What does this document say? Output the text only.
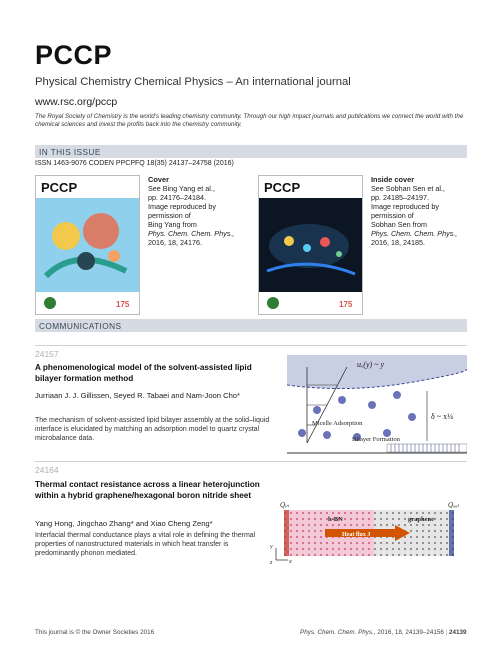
PCCP
Physical Chemistry Chemical Physics – An international journal
www.rsc.org/pccp
The Royal Society of Chemistry is the world’s leading chemistry community. Through our high impact journals and publications we connect the world with the chemical sciences and invest the profits back into the chemistry community.
IN THIS ISSUE
ISSN 1463-9076 CODEN PPCPFQ 18(35) 24137–24758 (2016)
PCCP
175
Cover
See Bing Yang et al.,
pp. 24176–24184.
Image reproduced by
permission of
Bing Yang from
Phys. Chem. Chem. Phys.,
2016, 18, 24176.
PCCP
175
Inside cover
See Sobhan Sen et al.,
pp. 24185–24197.
Image reproduced by
permission of
Sobhan Sen from
Phys. Chem. Chem. Phys.,
2016, 18, 24185.
COMMUNICATIONS
24157
A phenomenological model of the solvent-assisted lipid bilayer formation method
Jurriaan J. J. Gillissen, Seyed R. Tabaei and Nam-Joon Cho*
The mechanism of solvent-assisted lipid bilayer assembly at the solid–liquid interface is elucidated by matching an adsorption model to quartz crystal microbalance data.
uₓ(y) ~ y
δ ~ x¼
Micelle Adsorption
Bilayer Formation
24164
Thermal contact resistance across a linear heterojunction within a hybrid graphene/hexagonal boron nitride sheet
Yang Hong, Jingchao Zhang* and Xiao Cheng Zeng*
Interfacial thermal conductance plays a vital role in defining the thermal properties of nanostructured materials in which heat transfer is predominantly phonon mediated.
Qᵢₙ	Qₒᵤₜ
h-BN	graphene
Heat flux J
y
x
z
This journal is © the Owner Societies 2016	Phys. Chem. Chem. Phys., 2016, 18, 24139–24156 | 24139
